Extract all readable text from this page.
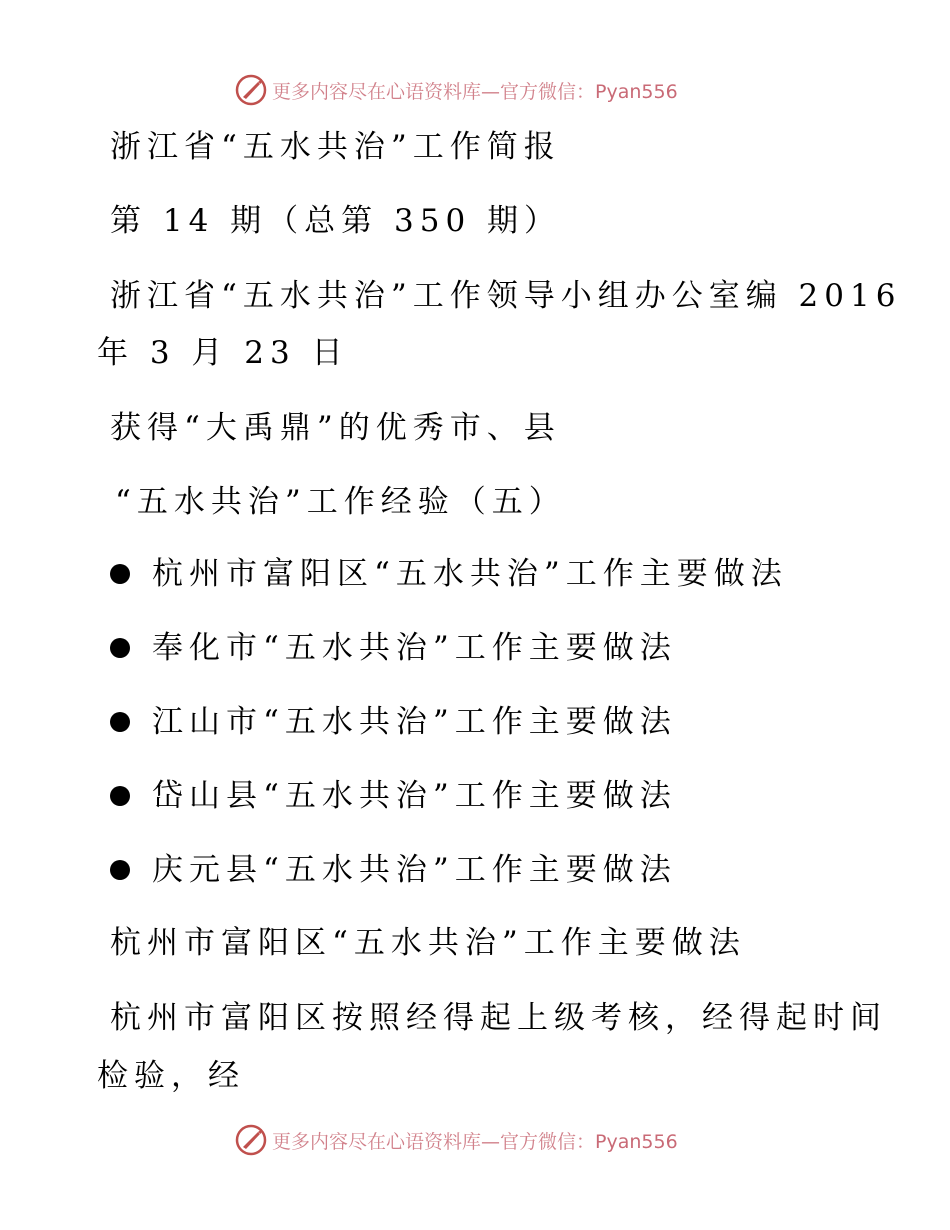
更多内容尽在心语资料库—官方微信：Pyan556
浙江省“五水共治”工作简报
第 14 期（总第 350 期）
浙江省“五水共治”工作领导小组办公室编 2016
年 3 月 23 日
获得“大禹鼎”的优秀市、县
“五水共治”工作经验（五）
杭州市富阳区“五水共治”工作主要做法
奉化市“五水共治”工作主要做法
江山市“五水共治”工作主要做法
岱山县“五水共治”工作主要做法
庆元县“五水共治”工作主要做法
杭州市富阳区“五水共治”工作主要做法
杭州市富阳区按照经得起上级考核，经得起时间
检验，经
更多内容尽在心语资料库—官方微信：Pyan556
